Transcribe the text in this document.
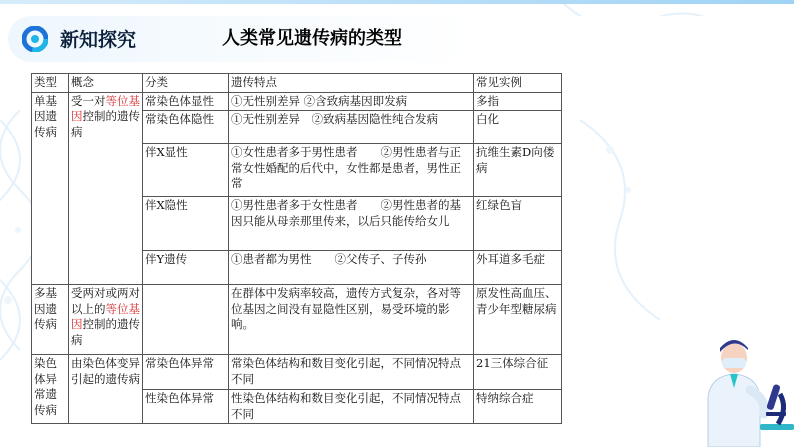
新知探究	人类常见遗传病的类型
类型	概念	分类	遗传特点	常见实例
单基因遗传病	受一对等位基因控制的遗传病	常染色体显性	①无性别差异 ②含致病基因即发病	多指
		常染色体隐性	①无性别差异　②致病基因隐性纯合发病	白化
		伴X显性	①女性患者多于男性患者　　②男性患者与正常女性婚配的后代中，女性都是患者，男性正常	抗维生素D向偻病
		伴X隐性	①男性患者多于女性患者　　②男性患者的基因只能从母亲那里传来，以后只能传给女儿	红绿色盲
		伴Y遗传	①患者都为男性　　②父传子、子传孙	外耳道多毛症
多基因遗传病	受两对或两对以上的等位基因控制的遗传病		在群体中发病率较高，遗传方式复杂，各对等位基因之间没有显隐性区别，易受环境的影响。	原发性高血压、青少年型糖尿病
染色体异常遗传病	由染色体变异引起的遗传病	常染色体异常	常染色体结构和数目变化引起，不同情况特点不同	21三体综合征
		性染色体异常	性染色体结构和数目变化引起，不同情况特点不同	特纳综合症
